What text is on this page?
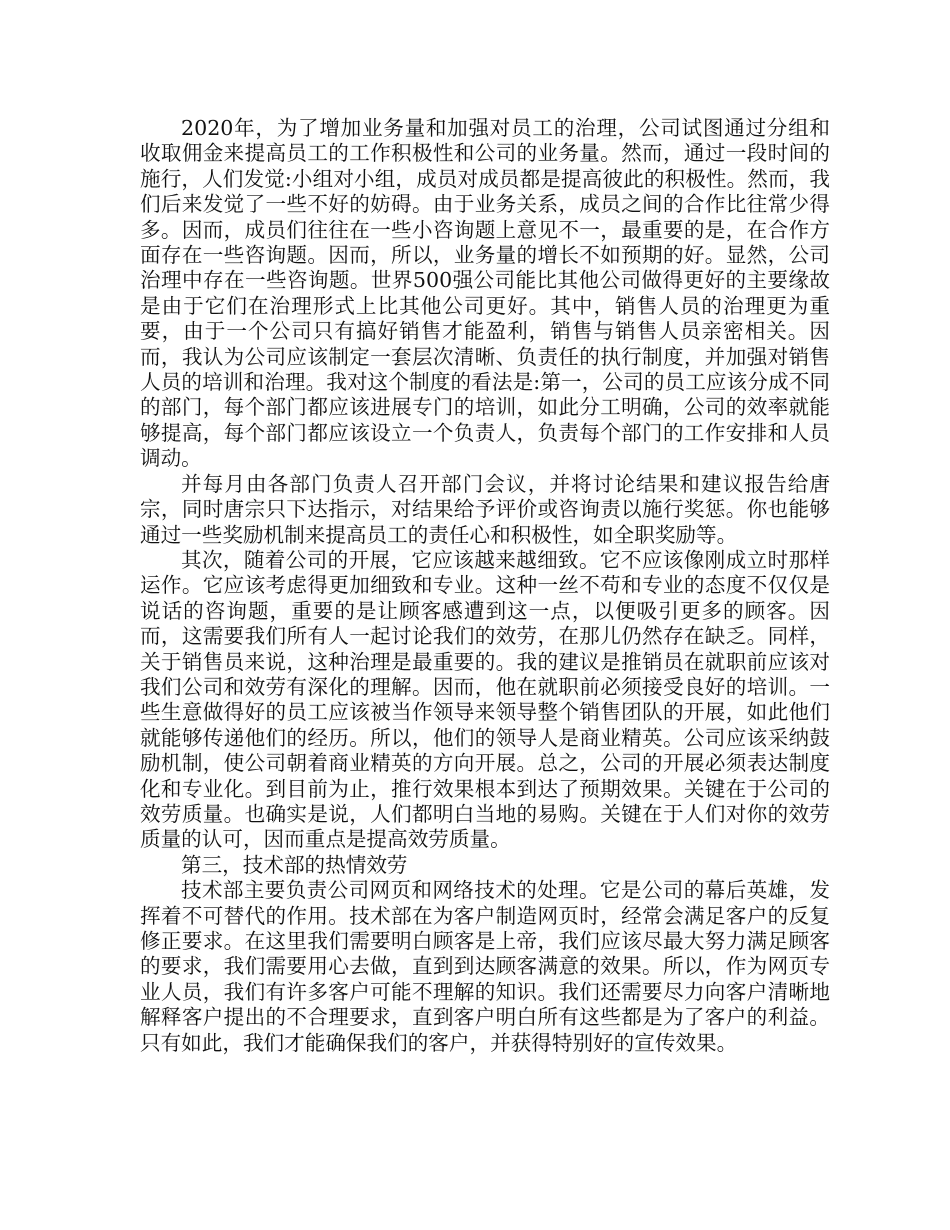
2020年，为了增加业务量和加强对员工的治理，公司试图通过分组和收取佣金来提高员工的工作积极性和公司的业务量。然而，通过一段时间的施行，人们发觉:小组对小组，成员对成员都是提高彼此的积极性。然而，我们后来发觉了一些不好的妨碍。由于业务关系，成员之间的合作比往常少得多。因而，成员们往往在一些小咨询题上意见不一，最重要的是，在合作方面存在一些咨询题。因而，所以，业务量的增长不如预期的好。显然，公司治理中存在一些咨询题。世界500强公司能比其他公司做得更好的主要缘故是由于它们在治理形式上比其他公司更好。其中，销售人员的治理更为重要，由于一个公司只有搞好销售才能盈利，销售与销售人员亲密相关。因而，我认为公司应该制定一套层次清晰、负责任的执行制度，并加强对销售人员的培训和治理。我对这个制度的看法是:第一，公司的员工应该分成不同的部门，每个部门都应该进展专门的培训，如此分工明确，公司的效率就能够提高，每个部门都应该设立一个负责人，负责每个部门的工作安排和人员调动。

并每月由各部门负责人召开部门会议，并将讨论结果和建议报告给唐宗，同时唐宗只下达指示，对结果给予评价或咨询责以施行奖惩。你也能够通过一些奖励机制来提高员工的责任心和积极性，如全职奖励等。

其次，随着公司的开展，它应该越来越细致。它不应该像刚成立时那样运作。它应该考虑得更加细致和专业。这种一丝不苟和专业的态度不仅仅是说话的咨询题，重要的是让顾客感遭到这一点，以便吸引更多的顾客。因而，这需要我们所有人一起讨论我们的效劳，在那儿仍然存在缺乏。同样，关于销售员来说，这种治理是最重要的。我的建议是推销员在就职前应该对我们公司和效劳有深化的理解。因而，他在就职前必须接受良好的培训。一些生意做得好的员工应该被当作领导来领导整个销售团队的开展，如此他们就能够传递他们的经历。所以，他们的领导人是商业精英。公司应该采纳鼓励机制，使公司朝着商业精英的方向开展。总之，公司的开展必须表达制度化和专业化。到目前为止，推行效果根本到达了预期效果。关键在于公司的效劳质量。也确实是说，人们都明白当地的易购。关键在于人们对你的效劳质量的认可，因而重点是提高效劳质量。

第三，技术部的热情效劳

技术部主要负责公司网页和网络技术的处理。它是公司的幕后英雄，发挥着不可替代的作用。技术部在为客户制造网页时，经常会满足客户的反复修正要求。在这里我们需要明白顾客是上帝，我们应该尽最大努力满足顾客的要求，我们需要用心去做，直到到达顾客满意的效果。所以，作为网页专业人员，我们有许多客户可能不理解的知识。我们还需要尽力向客户清晰地解释客户提出的不合理要求，直到客户明白所有这些都是为了客户的利益。只有如此，我们才能确保我们的客户，并获得特别好的宣传效果。
